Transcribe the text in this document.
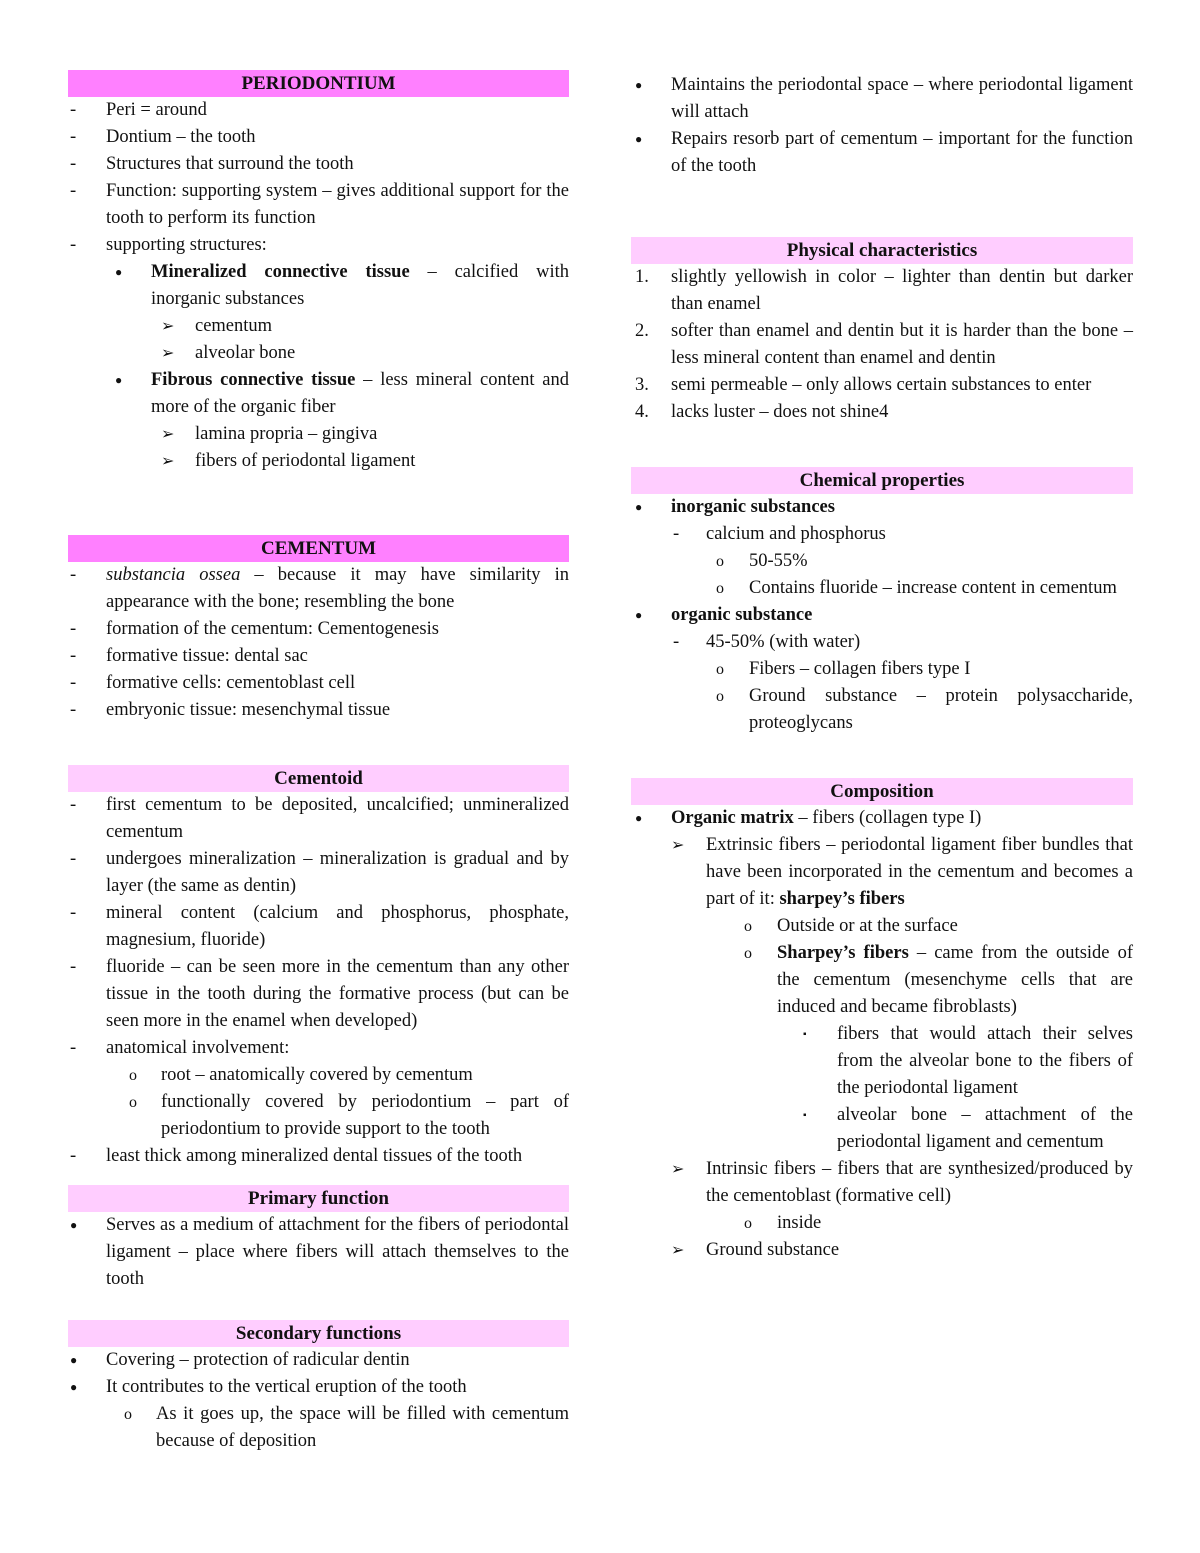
PERIODONTIUM
- Peri = around
- Dontium – the tooth
- Structures that surround the tooth
- Function: supporting system – gives additional support for the tooth to perform its function
- supporting structures:
● Mineralized connective tissue – calcified with inorganic substances
➢ cementum
➢ alveolar bone
● Fibrous connective tissue – less mineral content and more of the organic fiber
➢ lamina propria – gingiva
➢ fibers of periodontal ligament
CEMENTUM
- substancia ossea – because it may have similarity in appearance with the bone; resembling the bone
- formation of the cementum: Cementogenesis
- formative tissue: dental sac
- formative cells: cementoblast cell
- embryonic tissue: mesenchymal tissue
Cementoid
- first cementum to be deposited, uncalcified; unmineralized cementum
- undergoes mineralization – mineralization is gradual and by layer (the same as dentin)
- mineral content (calcium and phosphorus, phosphate, magnesium, fluoride)
- fluoride – can be seen more in the cementum than any other tissue in the tooth during the formative process (but can be seen more in the enamel when developed)
- anatomical involvement:
o root – anatomically covered by cementum
o functionally covered by periodontium – part of periodontium to provide support to the tooth
- least thick among mineralized dental tissues of the tooth
Primary function
● Serves as a medium of attachment for the fibers of periodontal ligament – place where fibers will attach themselves to the tooth
Secondary functions
● Covering – protection of radicular dentin
● It contributes to the vertical eruption of the tooth
o As it goes up, the space will be filled with cementum because of deposition
● Maintains the periodontal space – where periodontal ligament will attach
● Repairs resorb part of cementum – important for the function of the tooth
Physical characteristics
1. slightly yellowish in color – lighter than dentin but darker than enamel
2. softer than enamel and dentin but it is harder than the bone – less mineral content than enamel and dentin
3. semi permeable – only allows certain substances to enter
4. lacks luster – does not shine4
Chemical properties
● inorganic substances
- calcium and phosphorus
o 50-55%
o Contains fluoride – increase content in cementum
● organic substance
- 45-50% (with water)
o Fibers – collagen fibers type I
o Ground substance – protein polysaccharide, proteoglycans
Composition
● Organic matrix – fibers (collagen type I)
➢ Extrinsic fibers – periodontal ligament fiber bundles that have been incorporated in the cementum and becomes a part of it: sharpey’s fibers
o Outside or at the surface
o Sharpey’s fibers – came from the outside of the cementum (mesenchyme cells that are induced and became fibroblasts)
▪ fibers that would attach their selves from the alveolar bone to the fibers of the periodontal ligament
▪ alveolar bone – attachment of the periodontal ligament and cementum
➢ Intrinsic fibers – fibers that are synthesized/produced by the cementoblast (formative cell)
o inside
➢ Ground substance
